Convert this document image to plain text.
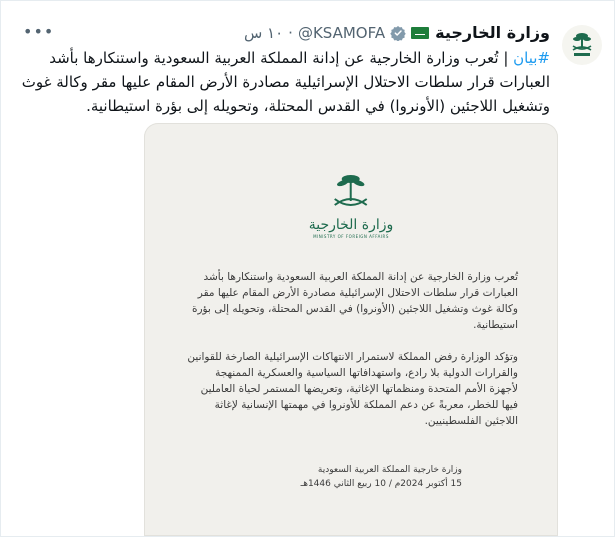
وزارة الخارجية
@KSAMOFA
·
١٠ س
•••
#بيان | تُعرب وزارة الخارجية عن إدانة المملكة العربية السعودية واستنكارها بأشد العبارات قرار سلطات الاحتلال الإسرائيلية مصادرة الأرض المقام عليها مقر وكالة غوث وتشغيل اللاجئين (الأونروا) في القدس المحتلة، وتحويله إلى بؤرة استيطانية.
وزارة الخارجية
MINISTRY OF FOREIGN AFFAIRS

تُعرب وزارة الخارجية عن إدانة المملكة العربية السعودية واستنكارها بأشد العبارات قرار سلطات الاحتلال الإسرائيلية مصادرة الأرض المقام عليها مقر وكالة غوث وتشغيل اللاجئين (الأونروا) في القدس المحتلة، وتحويله إلى بؤرة استيطانية.

وتؤكد الوزارة رفض المملكة لاستمرار الانتهاكات الإسرائيلية الصارخة للقوانين والقرارات الدولية بلا رادع، واستهدافاتها السياسية والعسكرية الممنهجة لأجهزة الأمم المتحدة ومنظماتها الإغاثية، وتعريضها المستمر لحياة العاملين فيها للخطر، معربةً عن دعم المملكة للأونروا في مهمتها الإنسانية لإغاثة اللاجئين الفلسطينيين.

وزارة خارجية المملكة العربية السعودية
15 أكتوبر 2024م / 10 ربيع الثاني 1446هـ
